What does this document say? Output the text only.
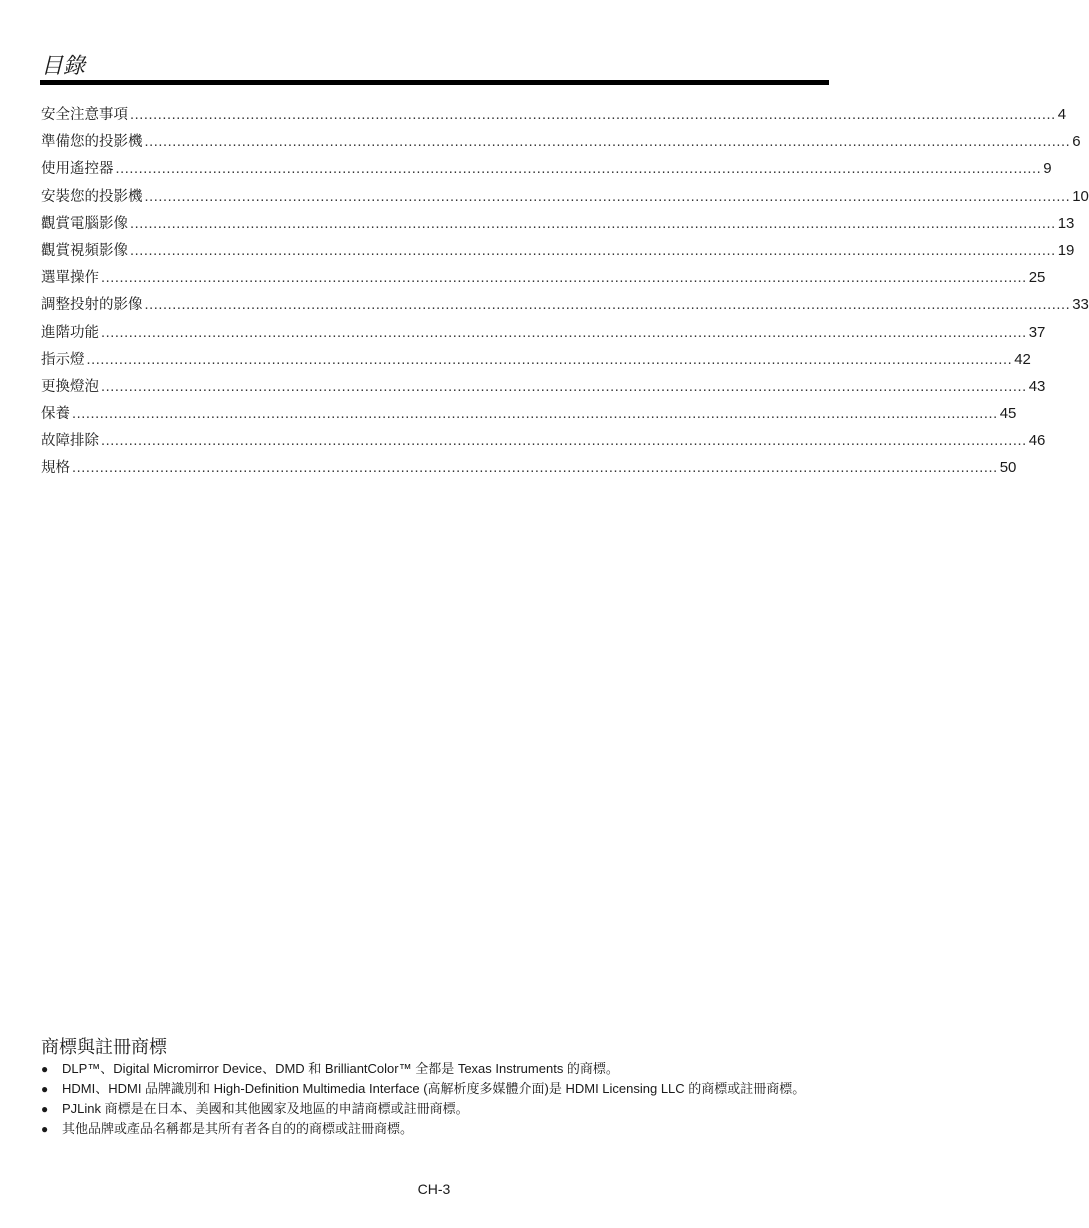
目錄
安全注意事項 ........................................................................................................................................................................................................ 4
準備您的投影機 ........................................................................................................................................................................................................ 6
使用遙控器 ........................................................................................................................................................................................................ 9
安裝您的投影機 ........................................................................................................................................................................................................ 10
觀賞電腦影像 ........................................................................................................................................................................................................ 13
觀賞視頻影像 ........................................................................................................................................................................................................ 19
選單操作 ........................................................................................................................................................................................................ 25
調整投射的影像 ........................................................................................................................................................................................................ 33
進階功能 ........................................................................................................................................................................................................ 37
指示燈 ........................................................................................................................................................................................................ 42
更換燈泡 ........................................................................................................................................................................................................ 43
保養 ........................................................................................................................................................................................................ 45
故障排除 ........................................................................................................................................................................................................ 46
規格 ........................................................................................................................................................................................................ 50
商標與註冊商標
● DLP™、Digital Micromirror Device、DMD 和 BrilliantColor™ 全都是 Texas Instruments 的商標。
● HDMI、HDMI 品牌識別和 High-Definition Multimedia Interface (高解析度多媒體介面)是 HDMI Licensing LLC 的商標或註冊商標。
● PJLink 商標是在日本、美國和其他國家及地區的申請商標或註冊商標。
● 其他品牌或產品名稱都是其所有者各自的的商標或註冊商標。
CH-3
